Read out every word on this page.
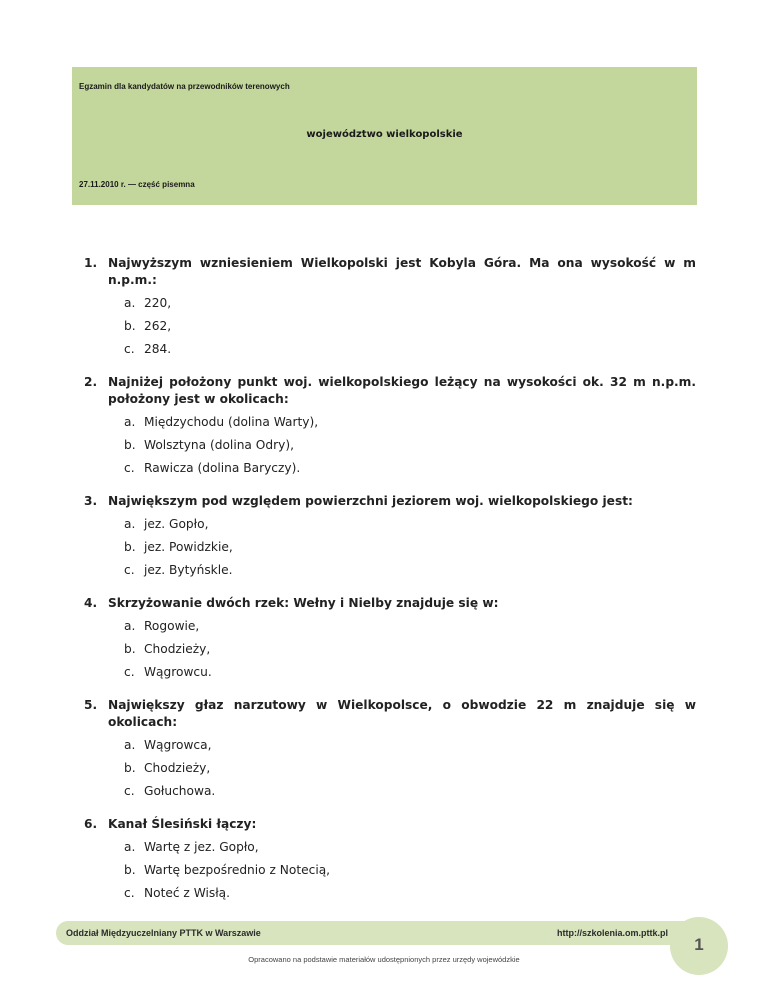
Egzamin dla kandydatów na przewodników terenowych
województwo wielkopolskie
27.11.2010 r. — część pisemna
1. Najwyższym wzniesieniem Wielkopolski jest Kobyla Góra. Ma ona wysokość w m n.p.m.:
a. 220,
b. 262,
c. 284.
2. Najniżej położony punkt woj. wielkopolskiego leżący na wysokości ok. 32 m n.p.m. położony jest w okolicach:
a. Międzychodu (dolina Warty),
b. Wolsztyna (dolina Odry),
c. Rawicza (dolina Baryczy).
3. Największym pod względem powierzchni jeziorem woj. wielkopolskiego jest:
a. jez. Gopło,
b. jez. Powidzkie,
c. jez. Bytyńskle.
4. Skrzyżowanie dwóch rzek: Wełny i Nielby znajduje się w:
a. Rogowie,
b. Chodzieży,
c. Wągrowcu.
5. Największy głaz narzutowy w Wielkopolsce, o obwodzie 22 m znajduje się w okolicach:
a. Wągrowca,
b. Chodzieży,
c. Gołuchowa.
6. Kanał Ślesiński łączy:
a. Wartę z jez. Gopło,
b. Wartę bezpośrednio z Notecią,
c. Noteć z Wisłą.
Oddział Międzyuczelniany PTTK w Warszawie	http://szkolenia.om.pttk.pl
1
Opracowano na podstawie materiałów udostępnionych przez urzędy wojewódzkie
